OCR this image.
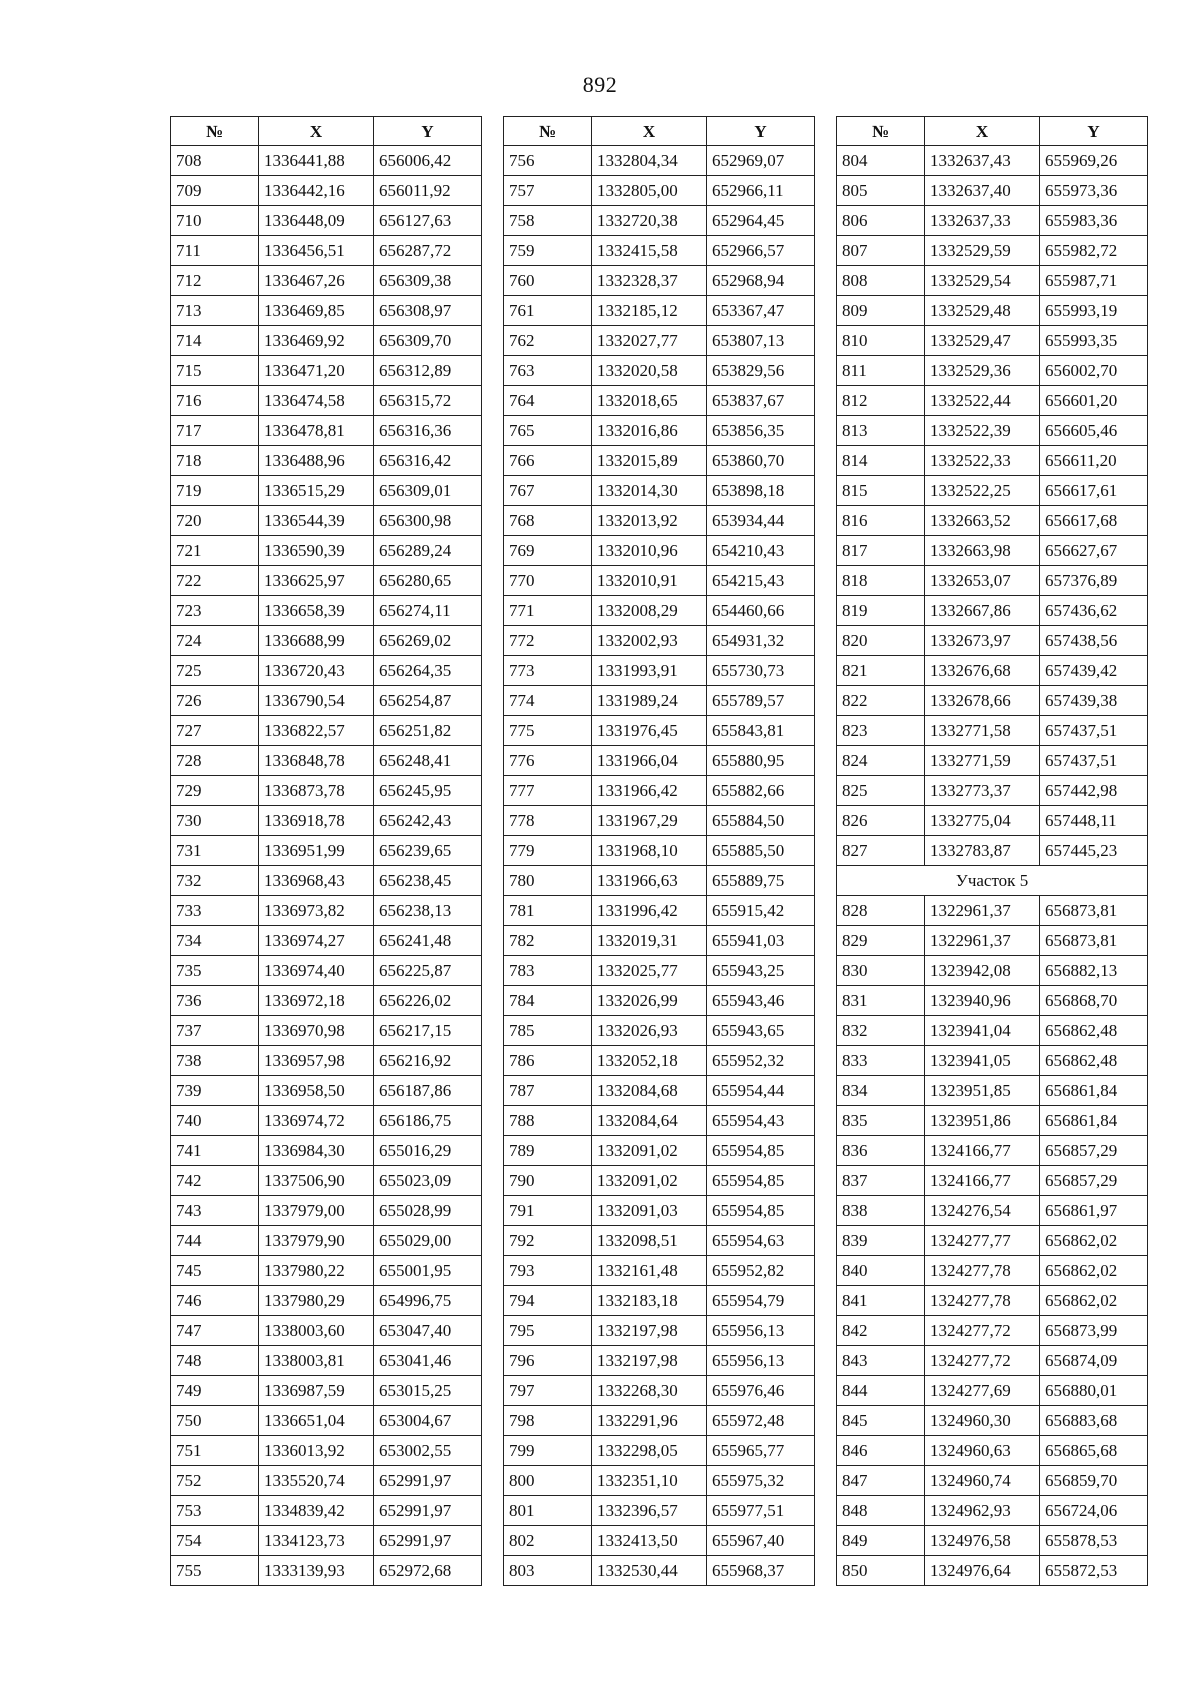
892
№	X	Y
708	1336441,88	656006,42
709	1336442,16	656011,92
710	1336448,09	656127,63
711	1336456,51	656287,72
712	1336467,26	656309,38
713	1336469,85	656308,97
714	1336469,92	656309,70
715	1336471,20	656312,89
716	1336474,58	656315,72
717	1336478,81	656316,36
718	1336488,96	656316,42
719	1336515,29	656309,01
720	1336544,39	656300,98
721	1336590,39	656289,24
722	1336625,97	656280,65
723	1336658,39	656274,11
724	1336688,99	656269,02
725	1336720,43	656264,35
726	1336790,54	656254,87
727	1336822,57	656251,82
728	1336848,78	656248,41
729	1336873,78	656245,95
730	1336918,78	656242,43
731	1336951,99	656239,65
732	1336968,43	656238,45
733	1336973,82	656238,13
734	1336974,27	656241,48
735	1336974,40	656225,87
736	1336972,18	656226,02
737	1336970,98	656217,15
738	1336957,98	656216,92
739	1336958,50	656187,86
740	1336974,72	656186,75
741	1336984,30	655016,29
742	1337506,90	655023,09
743	1337979,00	655028,99
744	1337979,90	655029,00
745	1337980,22	655001,95
746	1337980,29	654996,75
747	1338003,60	653047,40
748	1338003,81	653041,46
749	1336987,59	653015,25
750	1336651,04	653004,67
751	1336013,92	653002,55
752	1335520,74	652991,97
753	1334839,42	652991,97
754	1334123,73	652991,97
755	1333139,93	652972,68
№	X	Y
756	1332804,34	652969,07
757	1332805,00	652966,11
758	1332720,38	652964,45
759	1332415,58	652966,57
760	1332328,37	652968,94
761	1332185,12	653367,47
762	1332027,77	653807,13
763	1332020,58	653829,56
764	1332018,65	653837,67
765	1332016,86	653856,35
766	1332015,89	653860,70
767	1332014,30	653898,18
768	1332013,92	653934,44
769	1332010,96	654210,43
770	1332010,91	654215,43
771	1332008,29	654460,66
772	1332002,93	654931,32
773	1331993,91	655730,73
774	1331989,24	655789,57
775	1331976,45	655843,81
776	1331966,04	655880,95
777	1331966,42	655882,66
778	1331967,29	655884,50
779	1331968,10	655885,50
780	1331966,63	655889,75
781	1331996,42	655915,42
782	1332019,31	655941,03
783	1332025,77	655943,25
784	1332026,99	655943,46
785	1332026,93	655943,65
786	1332052,18	655952,32
787	1332084,68	655954,44
788	1332084,64	655954,43
789	1332091,02	655954,85
790	1332091,02	655954,85
791	1332091,03	655954,85
792	1332098,51	655954,63
793	1332161,48	655952,82
794	1332183,18	655954,79
795	1332197,98	655956,13
796	1332197,98	655956,13
797	1332268,30	655976,46
798	1332291,96	655972,48
799	1332298,05	655965,77
800	1332351,10	655975,32
801	1332396,57	655977,51
802	1332413,50	655967,40
803	1332530,44	655968,37
№	X	Y
804	1332637,43	655969,26
805	1332637,40	655973,36
806	1332637,33	655983,36
807	1332529,59	655982,72
808	1332529,54	655987,71
809	1332529,48	655993,19
810	1332529,47	655993,35
811	1332529,36	656002,70
812	1332522,44	656601,20
813	1332522,39	656605,46
814	1332522,33	656611,20
815	1332522,25	656617,61
816	1332663,52	656617,68
817	1332663,98	656627,67
818	1332653,07	657376,89
819	1332667,86	657436,62
820	1332673,97	657438,56
821	1332676,68	657439,42
822	1332678,66	657439,38
823	1332771,58	657437,51
824	1332771,59	657437,51
825	1332773,37	657442,98
826	1332775,04	657448,11
827	1332783,87	657445,23
Участок 5		
828	1322961,37	656873,81
829	1322961,37	656873,81
830	1323942,08	656882,13
831	1323940,96	656868,70
832	1323941,04	656862,48
833	1323941,05	656862,48
834	1323951,85	656861,84
835	1323951,86	656861,84
836	1324166,77	656857,29
837	1324166,77	656857,29
838	1324276,54	656861,97
839	1324277,77	656862,02
840	1324277,78	656862,02
841	1324277,78	656862,02
842	1324277,72	656873,99
843	1324277,72	656874,09
844	1324277,69	656880,01
845	1324960,30	656883,68
846	1324960,63	656865,68
847	1324960,74	656859,70
848	1324962,93	656724,06
849	1324976,58	655878,53
850	1324976,64	655872,53
